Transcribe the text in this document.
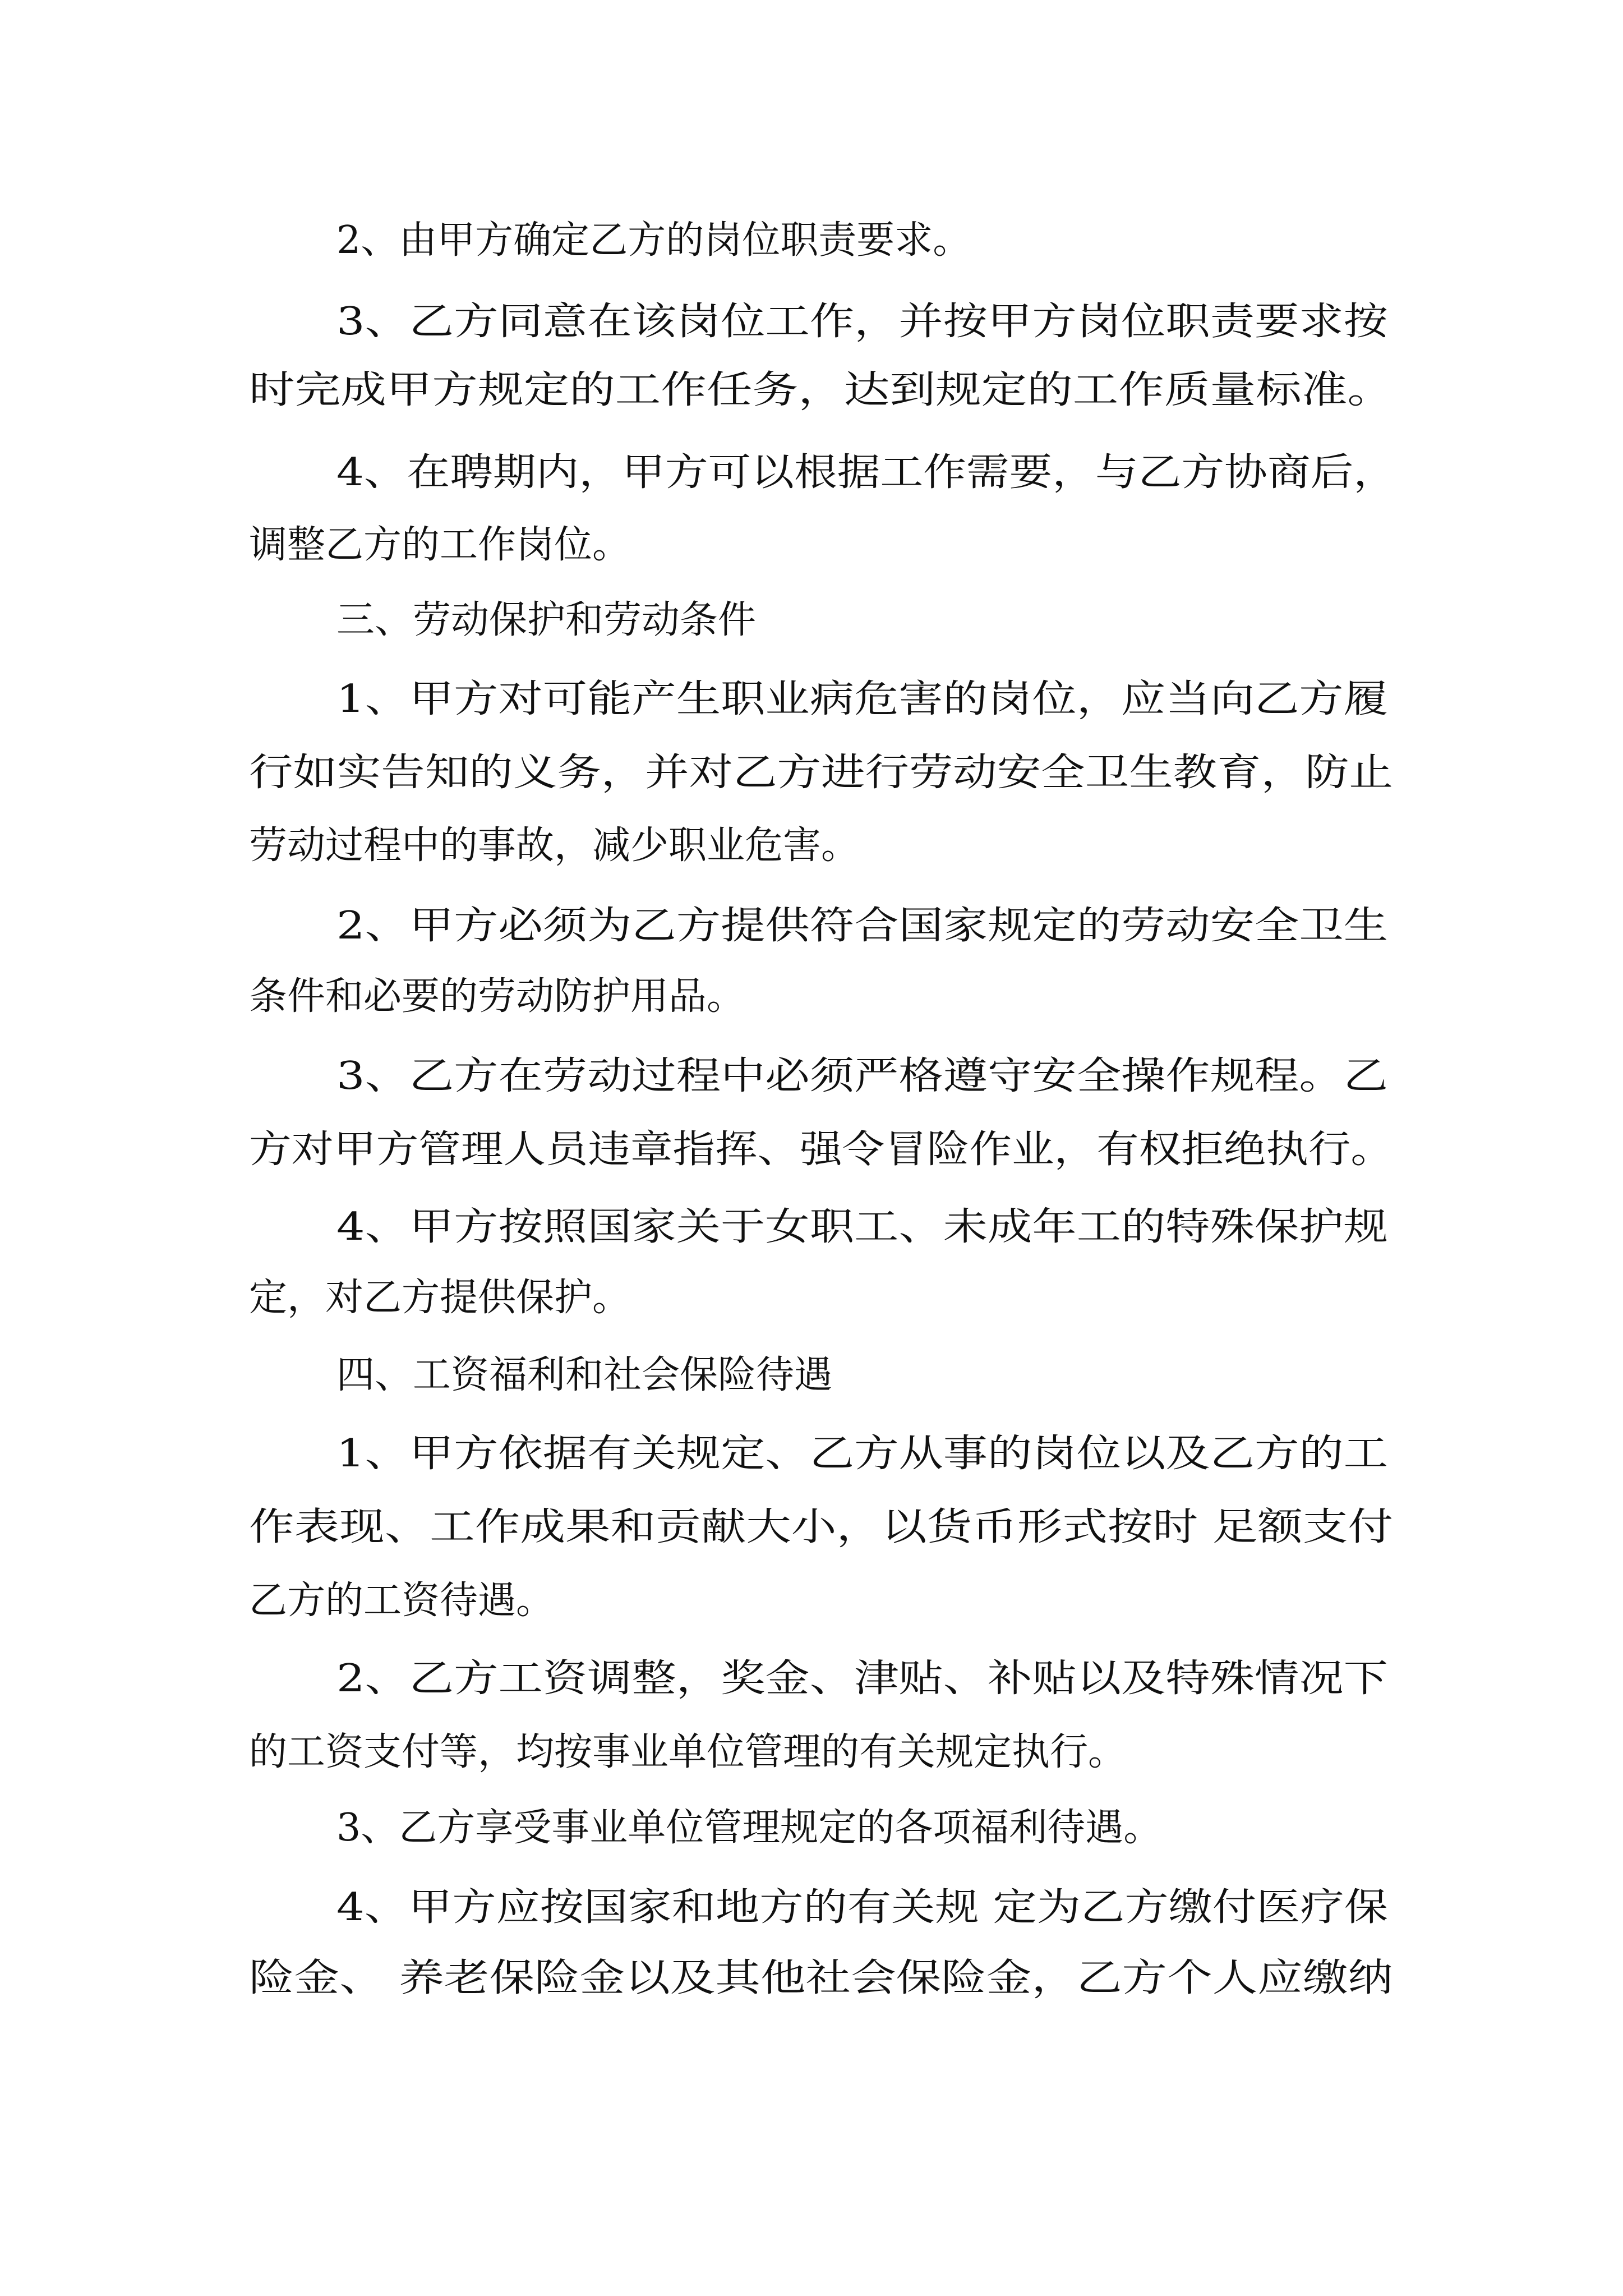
2、由甲方确定乙方的岗位职责要求。

3、乙方同意在该岗位工作，并按甲方岗位职责要求按

时完成甲方规定的工作任务，达到规定的工作质量标准。

4、在聘期内，甲方可以根据工作需要，与乙方协商后，

调整乙方的工作岗位。

三、劳动保护和劳动条件

1、甲方对可能产生职业病危害的岗位，应当向乙方履

行如实告知的义务，并对乙方进行劳动安全卫生教育，防止

劳动过程中的事故，减少职业危害。

2、甲方必须为乙方提供符合国家规定的劳动安全卫生

条件和必要的劳动防护用品。

3、乙方在劳动过程中必须严格遵守安全操作规程。乙

方对甲方管理人员违章指挥、强令冒险作业，有权拒绝执行。

4、甲方按照国家关于女职工、未成年工的特殊保护规

定，对乙方提供保护。

四、工资福利和社会保险待遇

1、甲方依据有关规定、乙方从事的岗位以及乙方的工

作表现、工作成果和贡献大小，以货币形式按时 足额支付

乙方的工资待遇。

2、乙方工资调整，奖金、津贴、补贴以及特殊情况下

的工资支付等，均按事业单位管理的有关规定执行。

3、乙方享受事业单位管理规定的各项福利待遇。

4、甲方应按国家和地方的有关规 定为乙方缴付医疗保

险金、 养老保险金以及其他社会保险金，乙方个人应缴纳
